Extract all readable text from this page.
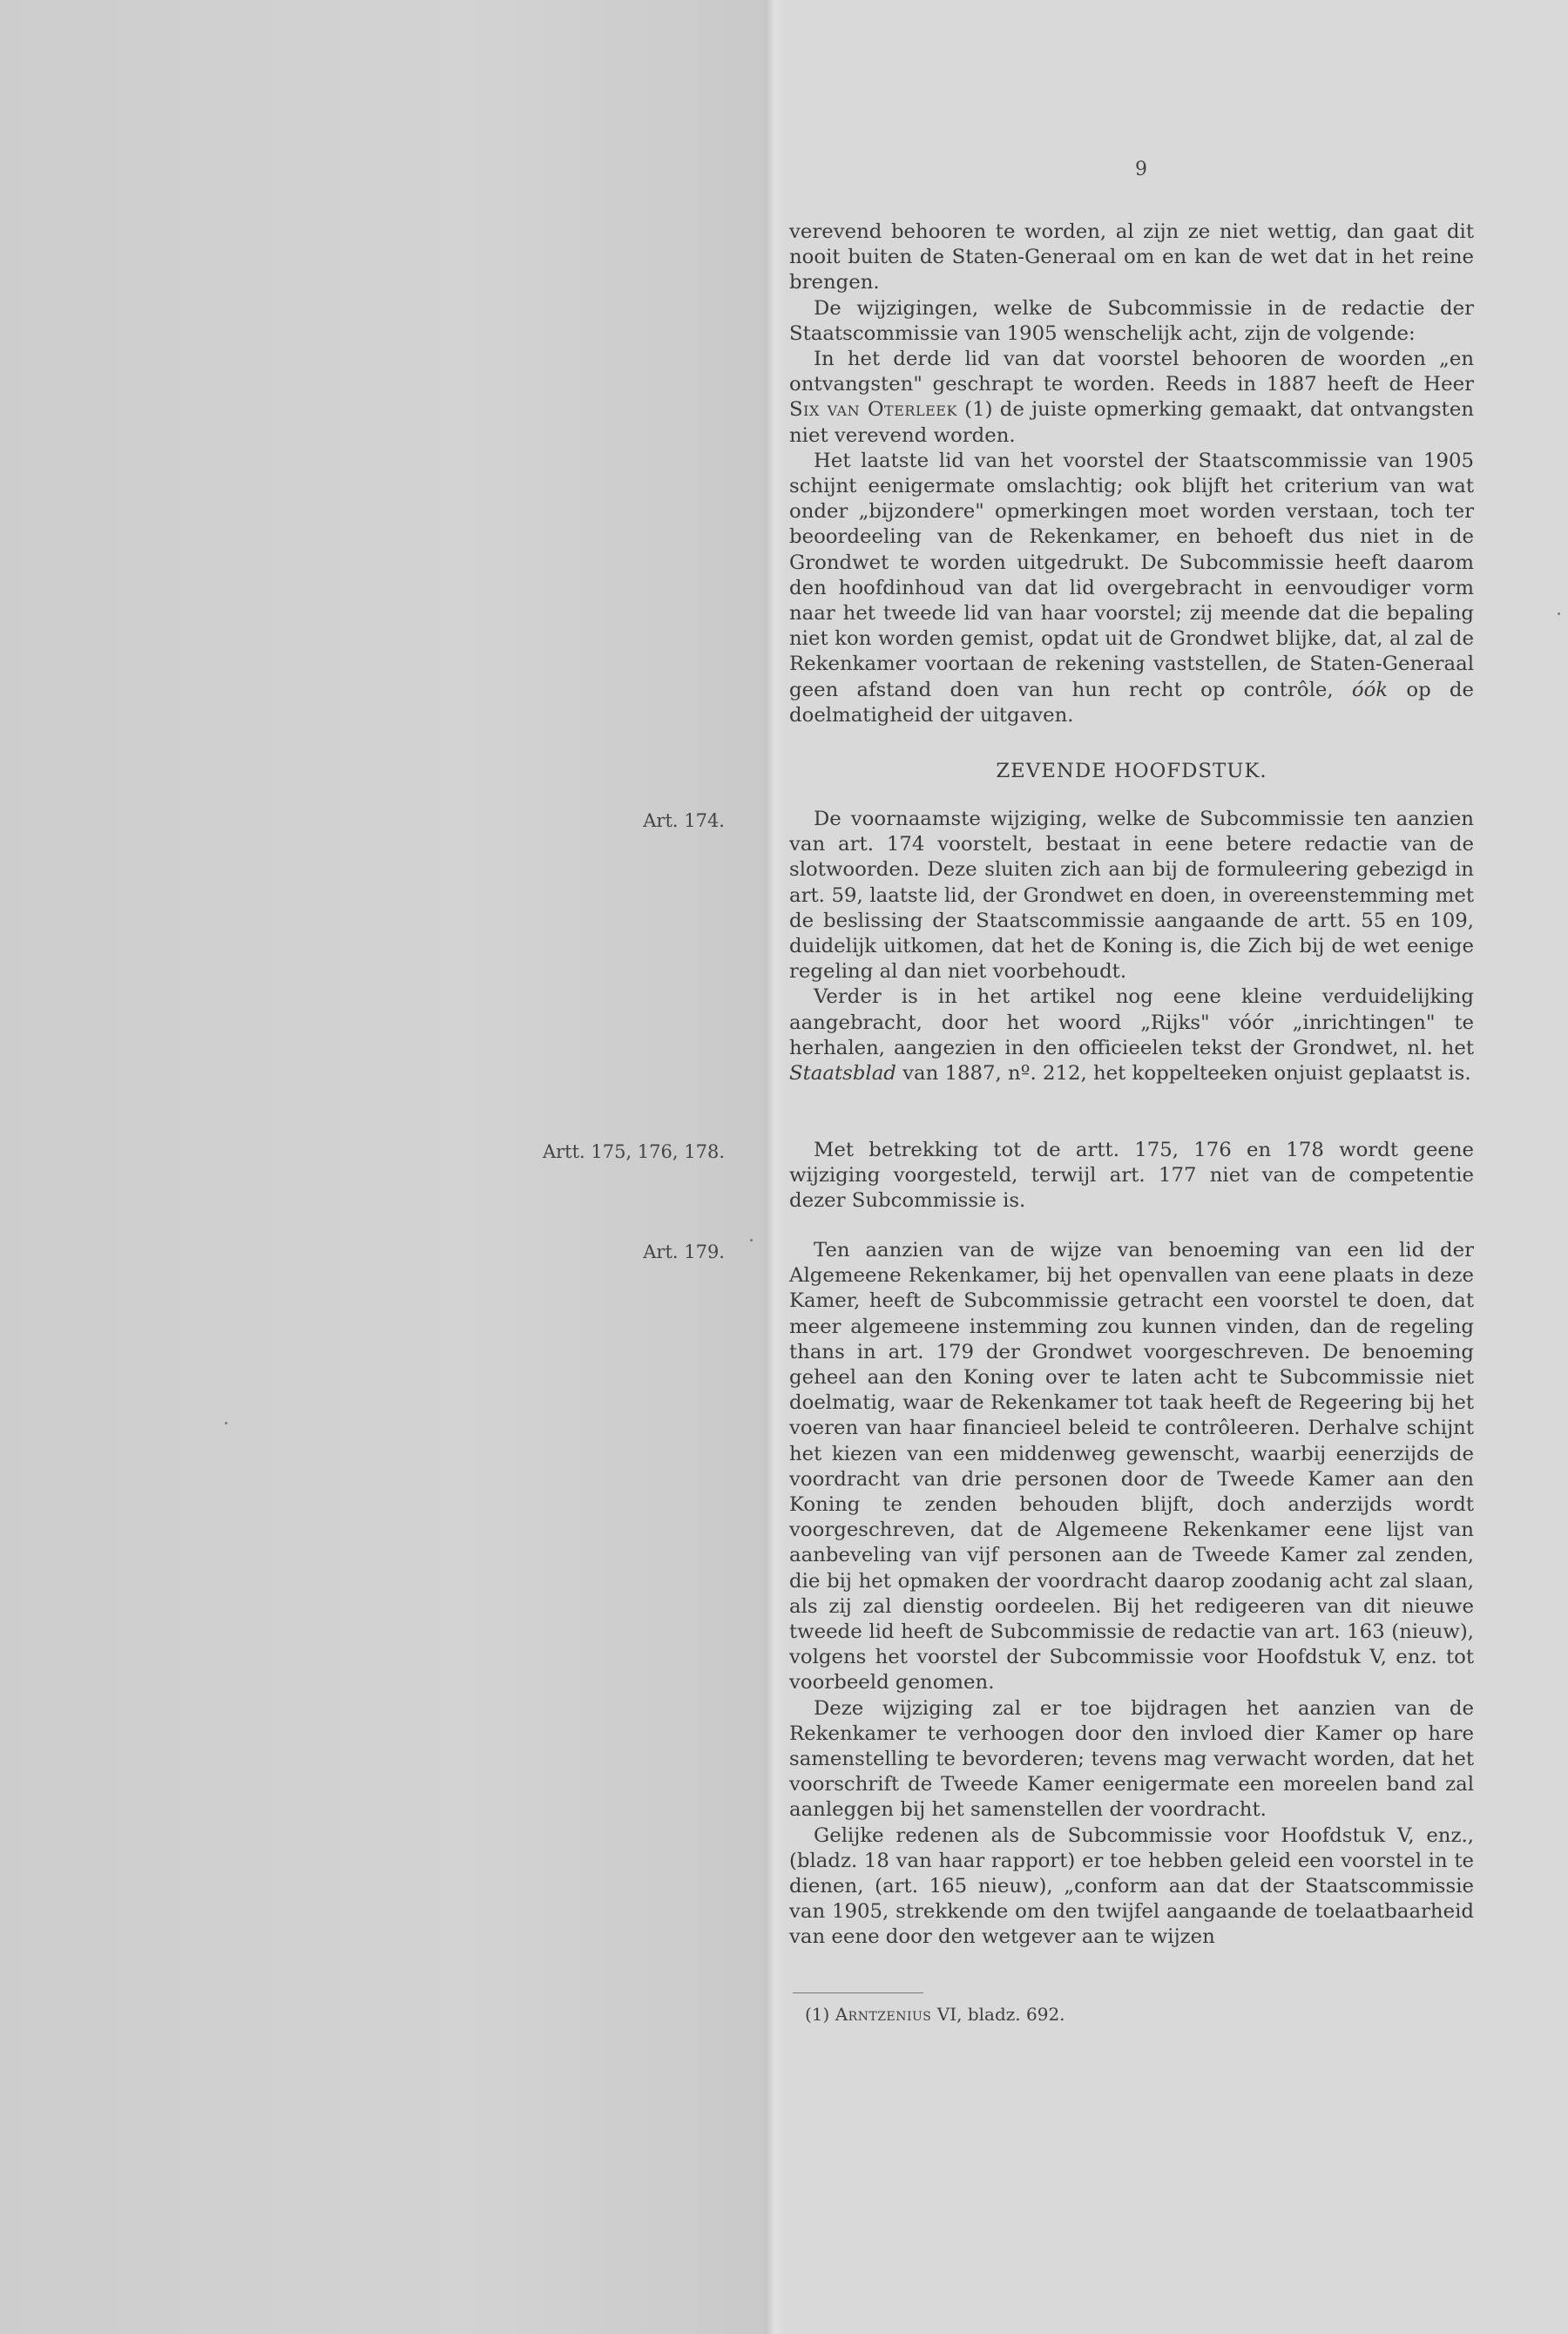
9

verevend behooren te worden, al zijn ze niet wettig, dan gaat dit nooit buiten de Staten-Generaal om en kan de wet dat in het reine brengen.

De wijzigingen, welke de Subcommissie in de redactie der Staatscommissie van 1905 wenschelijk acht, zijn de volgende:

In het derde lid van dat voorstel behooren de woorden „en ontvangsten" geschrapt te worden. Reeds in 1887 heeft de Heer Six van Oterleek (1) de juiste opmerking gemaakt, dat ontvangsten niet verevend worden.

Het laatste lid van het voorstel der Staatscommissie van 1905 schijnt eenigermate omslachtig; ook blijft het criterium van wat onder „bijzondere" opmerkingen moet worden verstaan, toch ter beoordeeling van de Rekenkamer, en behoeft dus niet in de Grondwet te worden uitgedrukt. De Subcommissie heeft daarom den hoofdinhoud van dat lid overgebracht in eenvoudiger vorm naar het tweede lid van haar voorstel; zij meende dat die bepaling niet kon worden gemist, opdat uit de Grondwet blijke, dat, al zal de Rekenkamer voortaan de rekening vaststellen, de Staten-Generaal geen afstand doen van hun recht op contrôle, óók op de doelmatigheid der uitgaven.

ZEVENDE HOOFDSTUK.
Art. 174.	De voornaamste wijziging, welke de Subcommissie ten aanzien van art. 174 voorstelt, bestaat in eene betere redactie van de slotwoorden. Deze sluiten zich aan bij de formuleering gebezigd in art. 59, laatste lid, der Grondwet en doen, in overeenstemming met de beslissing der Staatscommissie aangaande de artt. 55 en 109, duidelijk uitkomen, dat het de Koning is, die Zich bij de wet eenige regeling al dan niet voorbehoudt.

Verder is in het artikel nog eene kleine verduidelijking aangebracht, door het woord „Rijks" vóór „inrichtingen" te herhalen, aangezien in den officieelen tekst der Grondwet, nl. het Staatsblad van 1887, nº. 212, het koppelteeken onjuist geplaatst is.

Artt. 175, 176, 178.	Met betrekking tot de artt. 175, 176 en 178 wordt geene wijziging voorgesteld, terwijl art. 177 niet van de competentie dezer Subcommissie is.

Art. 179.	Ten aanzien van de wijze van benoeming van een lid der Algemeene Rekenkamer, bij het openvallen van eene plaats in deze Kamer, heeft de Subcommissie getracht een voorstel te doen, dat meer algemeene instemming zou kunnen vinden, dan de regeling thans in art. 179 der Grondwet voorgeschreven. De benoeming geheel aan den Koning over te laten acht te Subcommissie niet doelmatig, waar de Rekenkamer tot taak heeft de Regeering bij het voeren van haar financieel beleid te contrôleeren. Derhalve schijnt het kiezen van een middenweg gewenscht, waarbij eenerzijds de voordracht van drie personen door de Tweede Kamer aan den Koning te zenden behouden blijft, doch anderzijds wordt voorgeschreven, dat de Algemeene Rekenkamer eene lijst van aanbeveling van vijf personen aan de Tweede Kamer zal zenden, die bij het opmaken der voordracht daarop zoodanig acht zal slaan, als zij zal dienstig oordeelen. Bij het redigeeren van dit nieuwe tweede lid heeft de Subcommissie de redactie van art. 163 (nieuw), volgens het voorstel der Subcommissie voor Hoofdstuk V, enz. tot voorbeeld genomen.

Deze wijziging zal er toe bijdragen het aanzien van de Rekenkamer te verhoogen door den invloed dier Kamer op hare samenstelling te bevorderen; tevens mag verwacht worden, dat het voorschrift de Tweede Kamer eenigermate een moreelen band zal aanleggen bij het samenstellen der voordracht.

Gelijke redenen als de Subcommissie voor Hoofdstuk V, enz., (bladz. 18 van haar rapport) er toe hebben geleid een voorstel in te dienen, (art. 165 nieuw), „conform aan dat der Staatscommissie van 1905, strekkende om den twijfel aangaande de toelaatbaarheid van eene door den wetgever aan te wijzen

(1) Arntzenius VI, bladz. 692.
